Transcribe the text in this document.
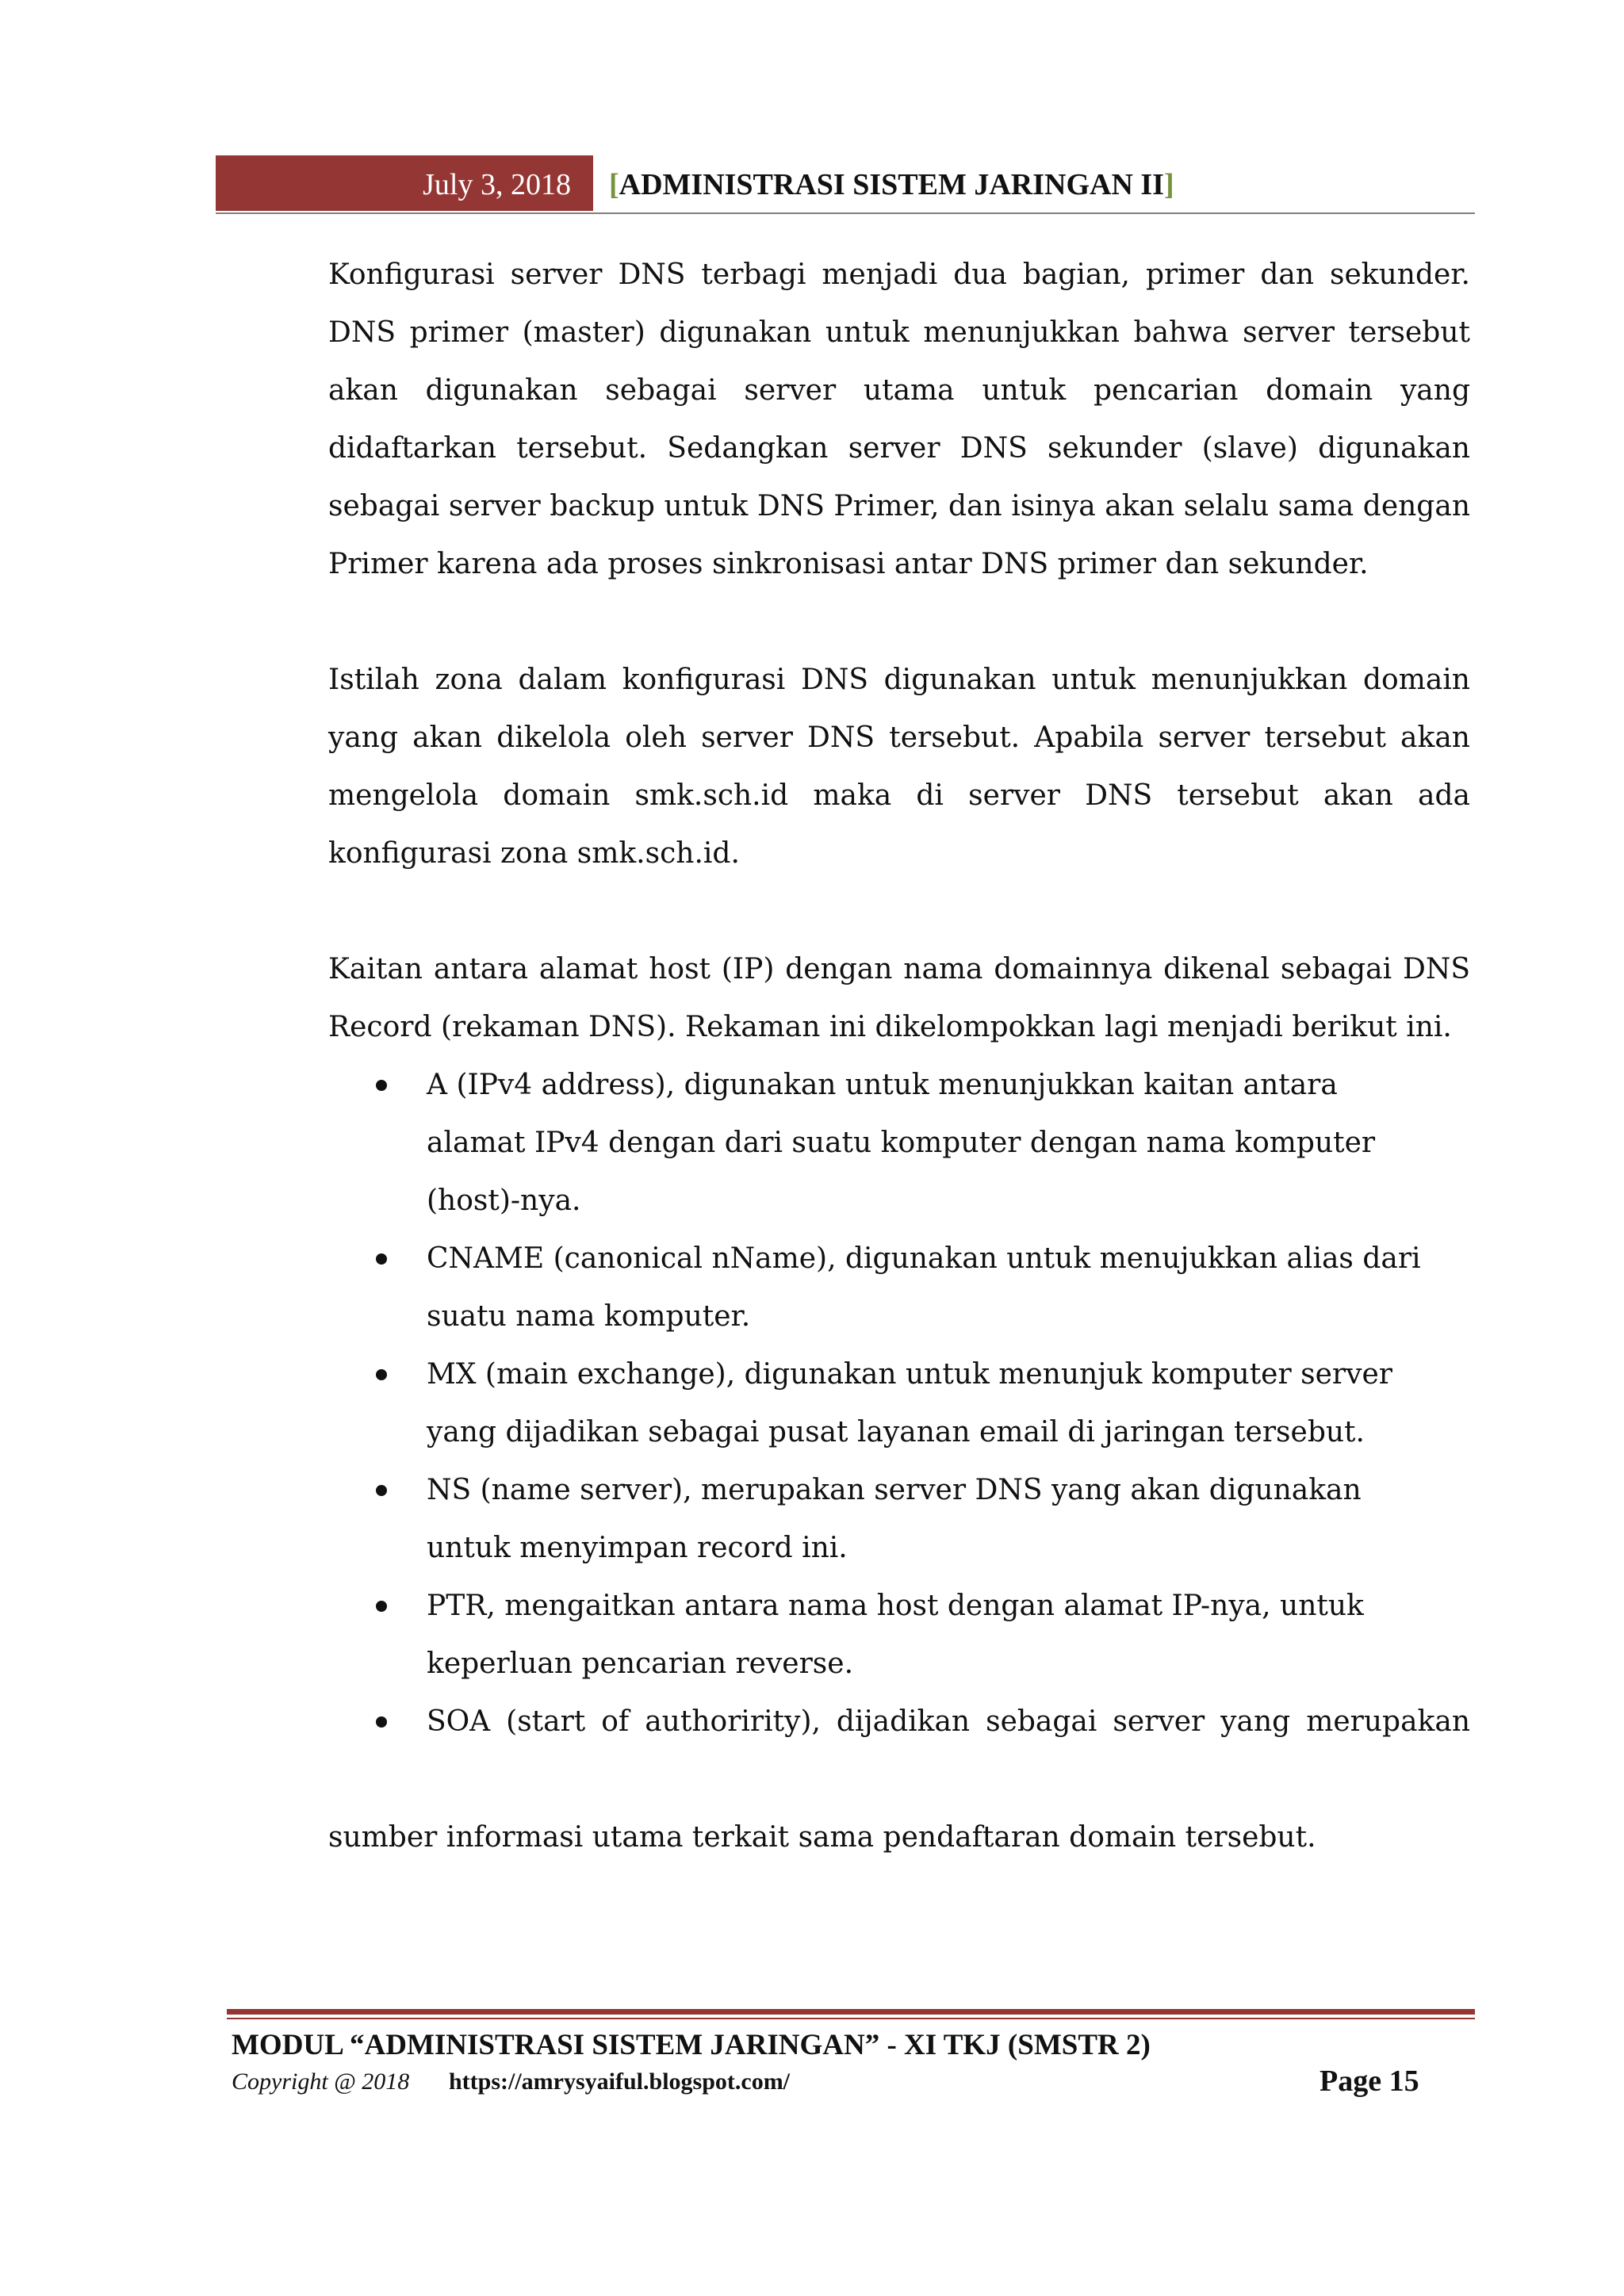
July 3, 2018 [ADMINISTRASI SISTEM JARINGAN II]

Konfigurasi server DNS terbagi menjadi dua bagian, primer dan sekunder. DNS primer (master) digunakan untuk menunjukkan bahwa server tersebut akan digunakan sebagai server utama untuk pencarian domain yang didaftarkan tersebut. Sedangkan server DNS sekunder (slave) digunakan sebagai server backup untuk DNS Primer, dan isinya akan selalu sama dengan Primer karena ada proses sinkronisasi antar DNS primer dan sekunder.

Istilah zona dalam konfigurasi DNS digunakan untuk menunjukkan domain yang akan dikelola oleh server DNS tersebut. Apabila server tersebut akan mengelola domain smk.sch.id maka di server DNS tersebut akan ada konfigurasi zona smk.sch.id.

Kaitan antara alamat host (IP) dengan nama domainnya dikenal sebagai DNS Record (rekaman DNS). Rekaman ini dikelompokkan lagi menjadi berikut ini.

A (IPv4 address), digunakan untuk menunjukkan kaitan antara alamat IPv4 dengan dari suatu komputer dengan nama komputer (host)-nya.
CNAME (canonical nName), digunakan untuk menujukkan alias dari suatu nama komputer.
MX (main exchange), digunakan untuk menunjuk komputer server yang dijadikan sebagai pusat layanan email di jaringan tersebut.
NS (name server), merupakan server DNS yang akan digunakan untuk menyimpan record ini.
PTR, mengaitkan antara nama host dengan alamat IP-nya, untuk keperluan pencarian reverse.
SOA (start of authoririty), dijadikan sebagai server yang merupakan

sumber informasi utama terkait sama pendaftaran domain tersebut.

MODUL “ADMINISTRASI SISTEM JARINGAN” - XI TKJ (SMSTR 2)
Copyright @ 2018 https://amrysyaiful.blogspot.com/	Page 15
